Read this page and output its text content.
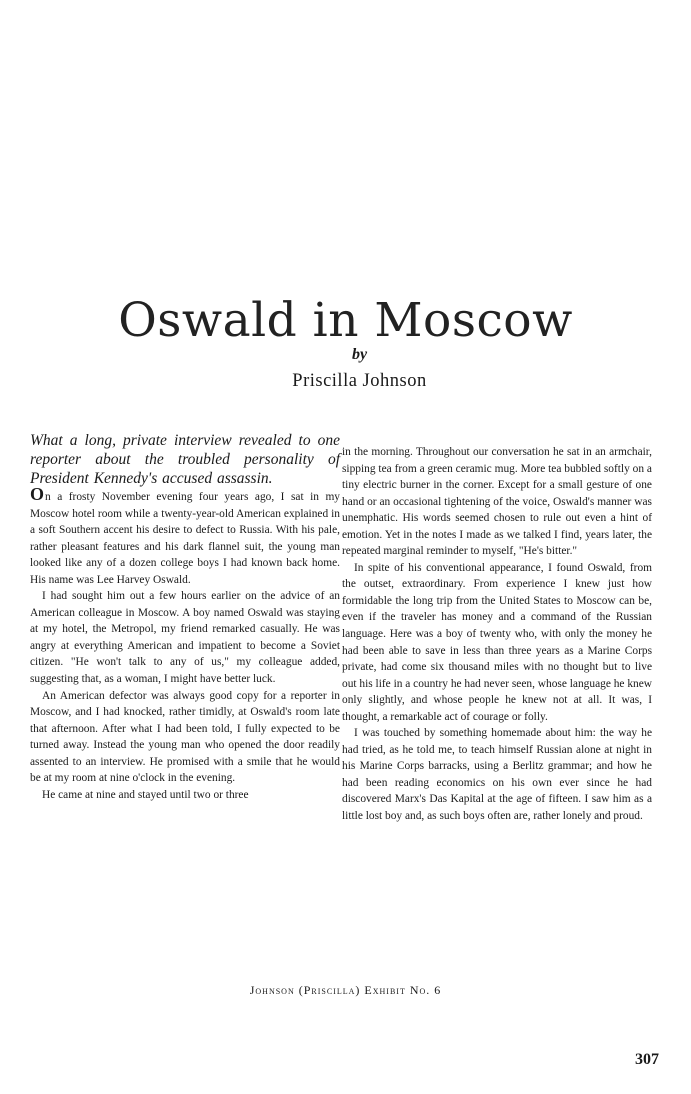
Oswald in Moscow
by
Priscilla Johnson

What a long, private interview revealed to one reporter about the troubled personality of President Kennedy's accused assassin.

On a frosty November evening four years ago, I sat in my Moscow hotel room while a twenty-year-old American explained in a soft Southern accent his desire to defect to Russia. With his pale, rather pleasant features and his dark flannel suit, the young man looked like any of a dozen college boys I had known back home. His name was Lee Harvey Oswald.

I had sought him out a few hours earlier on the advice of an American colleague in Moscow. A boy named Oswald was staying at my hotel, the Metropol, my friend remarked casually. He was angry at everything American and impatient to become a Soviet citizen. "He won't talk to any of us," my colleague added, suggesting that, as a woman, I might have better luck.

An American defector was always good copy for a reporter in Moscow, and I had knocked, rather timidly, at Oswald's room late that afternoon. After what I had been told, I fully expected to be turned away. Instead the young man who opened the door readily assented to an interview. He promised with a smile that he would be at my room at nine o'clock in the evening.

He came at nine and stayed until two or three

in the morning. Throughout our conversation he sat in an armchair, sipping tea from a green ceramic mug. More tea bubbled softly on a tiny electric burner in the corner. Except for a small gesture of one hand or an occasional tightening of the voice, Oswald's manner was unemphatic. His words seemed chosen to rule out even a hint of emotion. Yet in the notes I made as we talked I find, years later, the repeated marginal reminder to myself, "He's bitter."

In spite of his conventional appearance, I found Oswald, from the outset, extraordinary. From experience I knew just how formidable the long trip from the United States to Moscow can be, even if the traveler has money and a command of the Russian language. Here was a boy of twenty who, with only the money he had been able to save in less than three years as a Marine Corps private, had come six thousand miles with no thought but to live out his life in a country he had never seen, whose language he knew only slightly, and whose people he knew not at all. It was, I thought, a remarkable act of courage or folly.

I was touched by something homemade about him: the way he had tried, as he told me, to teach himself Russian alone at night in his Marine Corps barracks, using a Berlitz grammar; and how he had been reading economics on his own ever since he had discovered Marx's Das Kapital at the age of fifteen. I saw him as a little lost boy and, as such boys often are, rather lonely and proud.

Johnson (Priscilla) Exhibit No. 6
307
